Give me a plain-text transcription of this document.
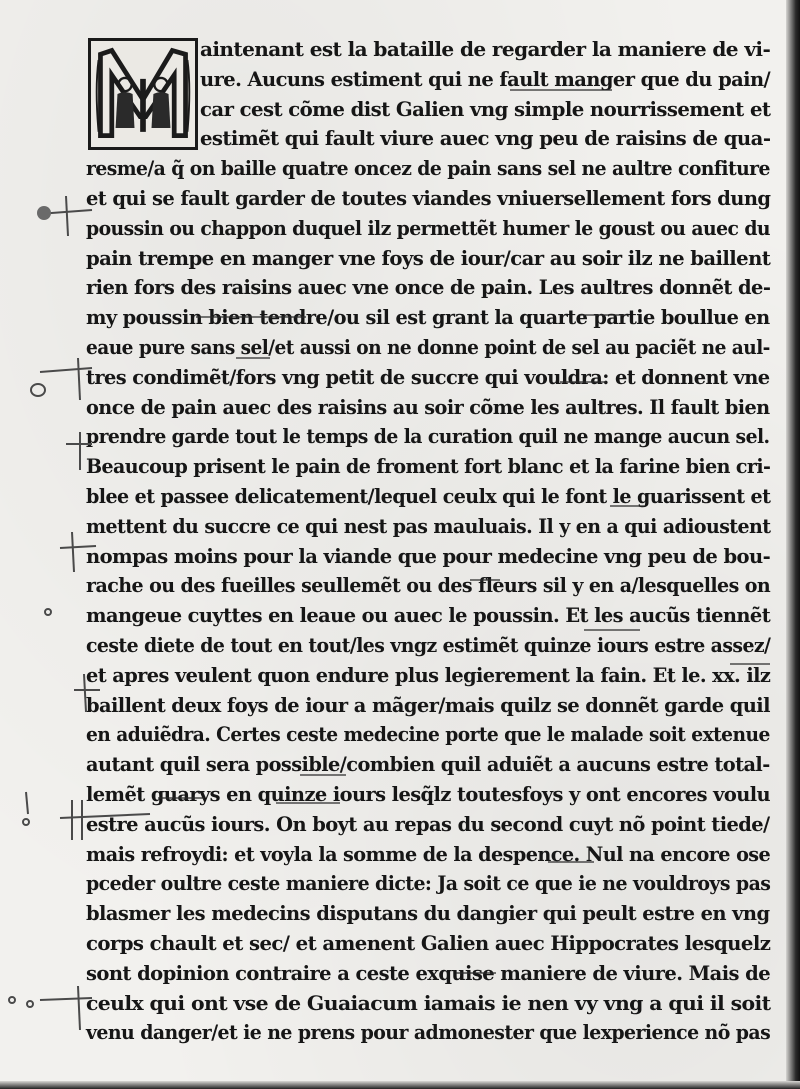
aintenant est la bataille de regarder la maniere de vi-
ure. Aucuns estiment qui ne fault manger que du pain/
car cest cõme dist Galien vng simple nourrissement et
estimẽt qui fault viure auec vng peu de raisins de qua-
resme/a q̃ on baille quatre oncez de pain sans sel ne aultre confiture
et qui se fault garder de toutes viandes vniuersellement fors dung
poussin ou chappon duquel ilz permettẽt humer le goust ou auec du
pain trempe en manger vne foys de iour/car au soir ilz ne baillent
rien fors des raisins auec vne once de pain. Les aultres donnẽt de-
my poussin bien tendre/ou sil est grant la quarte partie boullue en
eaue pure sans sel/et aussi on ne donne point de sel au paciẽt ne aul-
tres condimẽt/fors vng petit de succre qui vouldra: et donnent vne
once de pain auec des raisins au soir cõme les aultres. Il fault bien
prendre garde tout le temps de la curation quil ne mange aucun sel.
Beaucoup prisent le pain de froment fort blanc et la farine bien cri-
blee et passee delicatement/lequel ceulx qui le font le guarissent et
mettent du succre ce qui nest pas mauluais. Il y en a qui adioustent
nompas moins pour la viande que pour medecine vng peu de bou-
rache ou des fueilles seullemẽt ou des fleurs sil y en a/lesquelles on
mangeue cuyttes en leaue ou auec le poussin. Et les aucũs tiennẽt
ceste diete de tout en tout/les vngz estimẽt quinze iours estre assez/
et apres veulent quon endure plus legierement la fain. Et le. xx. ilz
baillent deux foys de iour a mãger/mais quilz se donnẽt garde quil
en aduiẽdra. Certes ceste medecine porte que le malade soit extenue
autant quil sera possible/combien quil aduiẽt a aucuns estre total-
lemẽt guarys en quinze iours lesq̃lz toutesfoys y ont encores voulu
estre aucũs iours. On boyt au repas du second cuyt nõ point tiede/
mais refroydi: et voyla la somme de la despence. Nul na encore ose
pceder oultre ceste maniere dicte: Ja soit ce que ie ne vouldroys pas
blasmer les medecins disputans du dangier qui peult estre en vng
corps chault et sec/ et amenent Galien auec Hippocrates lesquelz
sont dopinion contraire a ceste exquise maniere de viure. Mais de
ceulx qui ont vse de Guaiacum iamais ie nen vy vng a qui il soit
venu danger/et ie ne prens pour admonester que lexperience nõ pas
